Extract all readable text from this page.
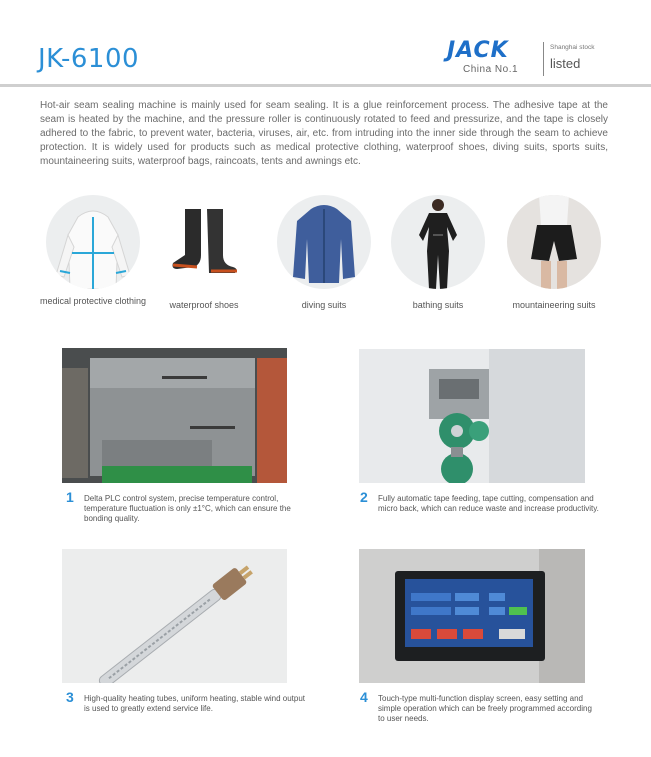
JK-6100	JACK
China No.1
Shanghai stock
listed

Hot-air seam sealing machine is mainly used for seam sealing. It is a glue reinforcement process. The adhesive tape at the seam is heated by the machine, and the pressure roller is continuously rotated to feed and pressurize, and the tape is closely adhered to the fabric, to prevent water, bacteria, viruses, air, etc. from intruding into the inner side through the seam to achieve protection. It is widely used for products such as medical protective clothing, waterproof shoes, diving suits, sports suits, mountaineering suits, waterproof bags, raincoats, tents and awnings etc.

medical protective clothing	waterproof shoes	diving suits	bathing suits	mountaineering suits
1 Delta PLC control system, precise temperature control, temperature fluctuation is only ±1°C, which can ensure the bonding quality.
2 Fully automatic tape feeding, tape cutting, compensation and micro back, which can reduce waste and increase productivity.
3 High-quality heating tubes, uniform heating, stable wind output is used to greatly extend service life.
4 Touch-type multi-function display screen, easy setting and simple operation which can be freely programmed according to user needs.
